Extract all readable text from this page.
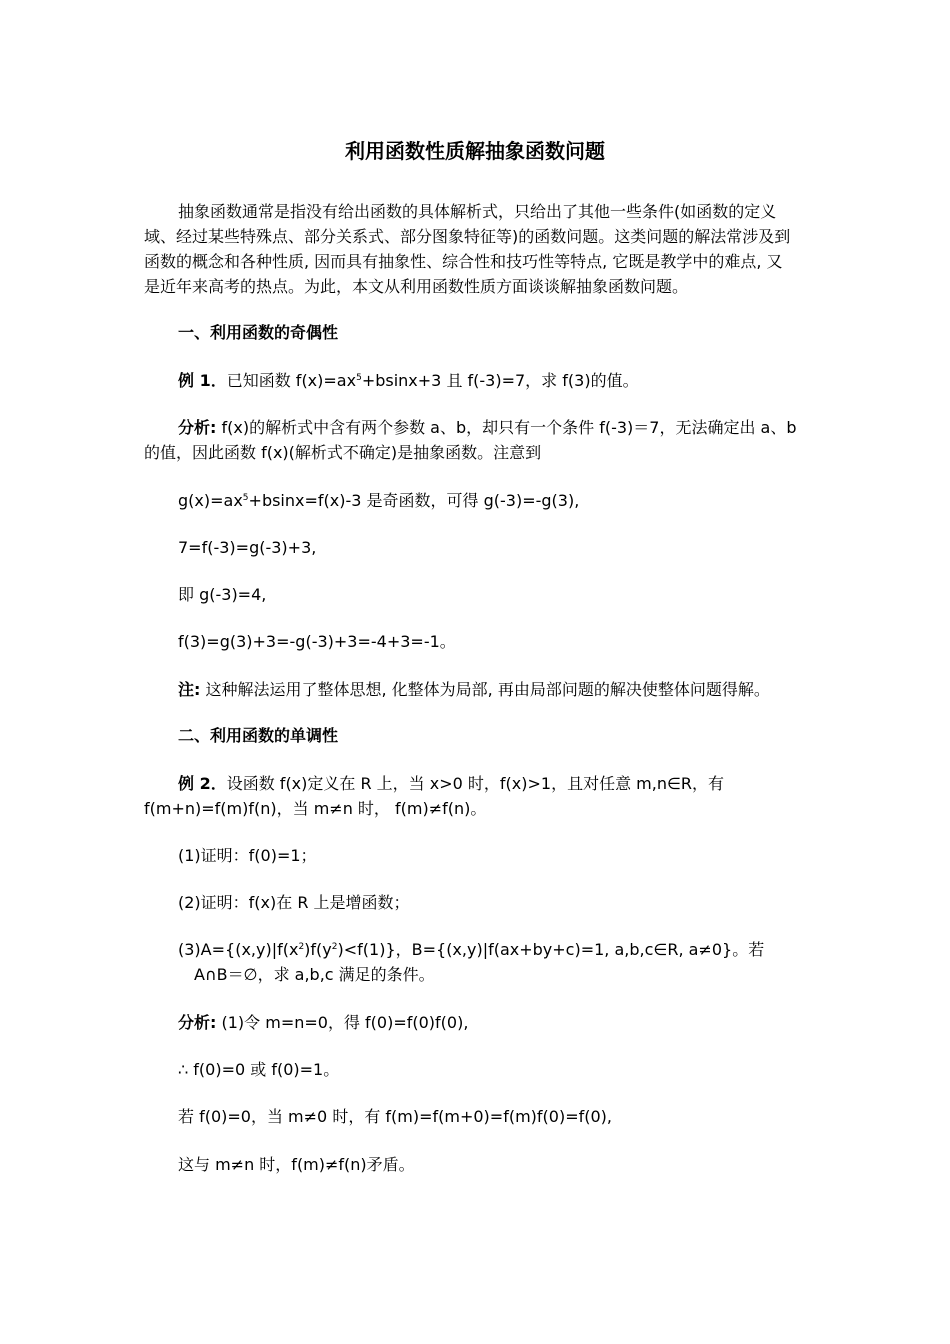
利用函数性质解抽象函数问题
抽象函数通常是指没有给出函数的具体解析式，只给出了其他一些条件(如函数的定义
域、经过某些特殊点、部分关系式、部分图象特征等)的函数问题。这类问题的解法常涉及到
函数的概念和各种性质, 因而具有抽象性、综合性和技巧性等特点, 它既是教学中的难点, 又
是近年来高考的热点。为此，本文从利用函数性质方面谈谈解抽象函数问题。
一、利用函数的奇偶性
例 1．已知函数 $f(x)=ax^5+bsinx+3$ 且 f(-3)=7，求 f(3)的值。
分析: f(x)的解析式中含有两个参数 a、b，却只有一个条件 f(-3)＝7，无法确定出 a、b
的值，因此函数 f(x)(解析式不确定)是抽象函数。注意到
$g(x)=ax^5+bsinx=f(x)-3$ 是奇函数，可得 g(-3)=-g(3),
7=f(-3)=g(-3)+3,
即 g(-3)=4,
f(3)=g(3)+3=-g(-3)+3=-4+3=-1。
注: 这种解法运用了整体思想, 化整体为局部, 再由局部问题的解决使整体问题得解。
二、利用函数的单调性
例 2．设函数 f(x)定义在 R 上，当 x>0 时，f(x)>1，且对任意 m,n∈R，有
f(m+n)=f(m)f(n)，当 m≠n 时， f(m)≠f(n)。
(1)证明：f(0)=1；
(2)证明：f(x)在 R 上是增函数；
$(3)A=\{(x,y)|f(x^2)f(y^2)<f(1)\}$，B={(x,y)|f(ax+by+c)=1, a,b,c∈R, a≠0}。若
A∩B＝∅，求 a,b,c 满足的条件。
分析: (1)令 m=n=0，得 f(0)=f(0)f(0),
∴ f(0)=0 或 f(0)=1。
若 f(0)=0，当 m≠0 时，有 f(m)=f(m+0)=f(m)f(0)=f(0),
这与 m≠n 时，f(m)≠f(n)矛盾。
